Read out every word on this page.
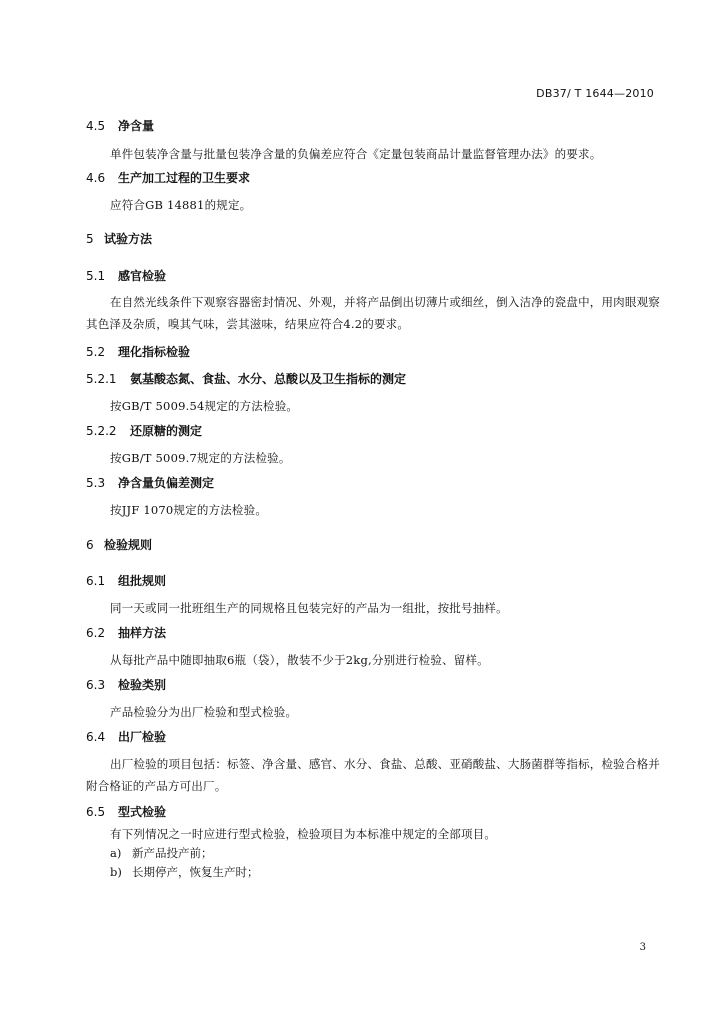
DB37/ T 1644—2010
4.5 净含量

单件包装净含量与批量包装净含量的负偏差应符合《定量包装商品计量监督管理办法》的要求。

4.6 生产加工过程的卫生要求

应符合GB 14881的规定。

5 试验方法
5.1 感官检验

在自然光线条件下观察容器密封情况、外观，并将产品倒出切薄片或细丝，倒入洁净的瓷盘中，用肉眼观察其色泽及杂质，嗅其气味，尝其滋味，结果应符合4.2的要求。

5.2 理化指标检验
5.2.1 氨基酸态氮、食盐、水分、总酸以及卫生指标的测定

按GB/T 5009.54规定的方法检验。

5.2.2 还原糖的测定

按GB/T 5009.7规定的方法检验。

5.3 净含量负偏差测定

按JJF 1070规定的方法检验。

6 检验规则
6.1 组批规则

同一天或同一批班组生产的同规格且包装完好的产品为一组批，按批号抽样。

6.2 抽样方法

从每批产品中随即抽取6瓶（袋），散装不少于2kg,分别进行检验、留样。

6.3 检验类别

产品检验分为出厂检验和型式检验。

6.4 出厂检验

出厂检验的项目包括：标签、净含量、感官、水分、食盐、总酸、亚硝酸盐、大肠菌群等指标，检验合格并附合格证的产品方可出厂。

6.5 型式检验

有下列情况之一时应进行型式检验，检验项目为本标准中规定的全部项目。

a) 新产品投产前；
b) 长期停产，恢复生产时；
3
